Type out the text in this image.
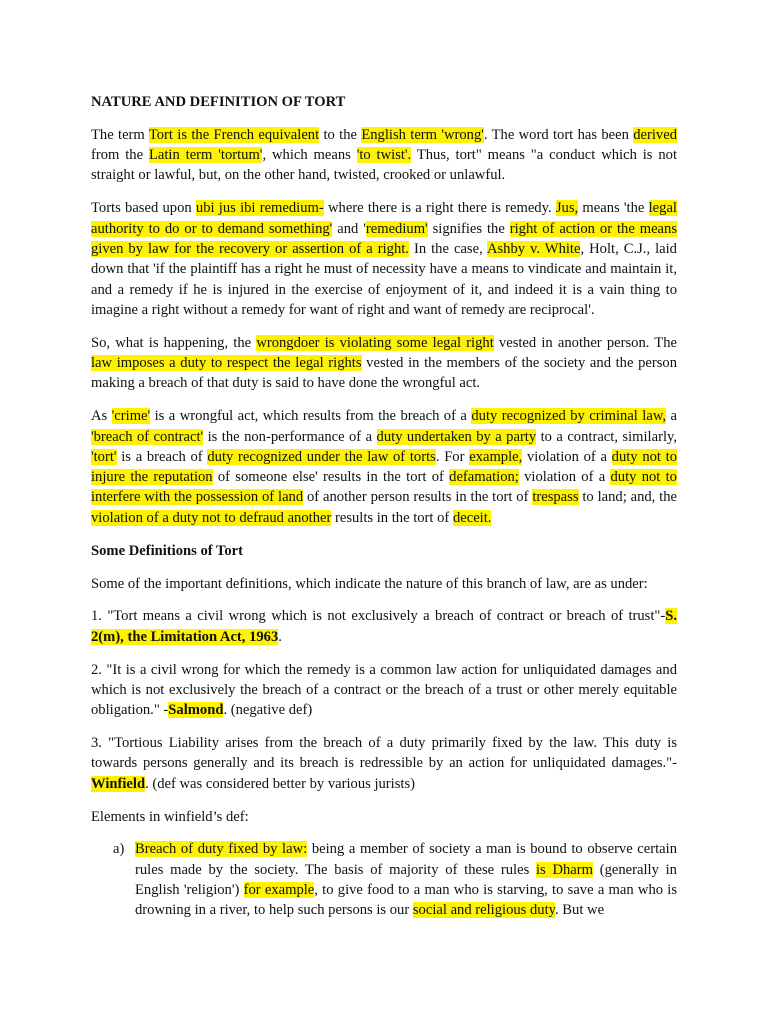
NATURE AND DEFINITION OF TORT

The term Tort is the French equivalent to the English term 'wrong'. The word tort has been derived from the Latin term 'tortum', which means 'to twist'. Thus, tort" means "a conduct which is not straight or lawful, but, on the other hand, twisted, crooked or unlawful.

Torts based upon ubi jus ibi remedium- where there is a right there is remedy. Jus, means 'the legal authority to do or to demand something' and 'remedium' signifies the right of action or the means given by law for the recovery or assertion of a right. In the case, Ashby v. White, Holt, C.J., laid down that 'if the plaintiff has a right he must of necessity have a means to vindicate and maintain it, and a remedy if he is injured in the exercise of enjoyment of it, and indeed it is a vain thing to imagine a right without a remedy for want of right and want of remedy are reciprocal'.

So, what is happening, the wrongdoer is violating some legal right vested in another person. The law imposes a duty to respect the legal rights vested in the members of the society and the person making a breach of that duty is said to have done the wrongful act.

As 'crime' is a wrongful act, which results from the breach of a duty recognized by criminal law, a 'breach of contract' is the non-performance of a duty undertaken by a party to a contract, similarly, 'tort' is a breach of duty recognized under the law of torts. For example, violation of a duty not to injure the reputation of someone else' results in the tort of defamation; violation of a duty not to interfere with the possession of land of another person results in the tort of trespass to land; and, the violation of a duty not to defraud another results in the tort of deceit.

Some Definitions of Tort

Some of the important definitions, which indicate the nature of this branch of law, are as under:

1. "Tort means a civil wrong which is not exclusively a breach of contract or breach of trust"-S. 2(m), the Limitation Act, 1963.

2. "It is a civil wrong for which the remedy is a common law action for unliquidated damages and which is not exclusively the breach of a contract or the breach of a trust or other merely equitable obligation." -Salmond. (negative def)

3. "Tortious Liability arises from the breach of a duty primarily fixed by the law. This duty is towards persons generally and its breach is redressible by an action for unliquidated damages."-Winfield. (def was considered better by various jurists)

Elements in winfield’s def:

a) Breach of duty fixed by law: being a member of society a man is bound to observe certain rules made by the society. The basis of majority of these rules is Dharm (generally in English 'religion') for example, to give food to a man who is starving, to save a man who is drowning in a river, to help such persons is our social and religious duty. But we
